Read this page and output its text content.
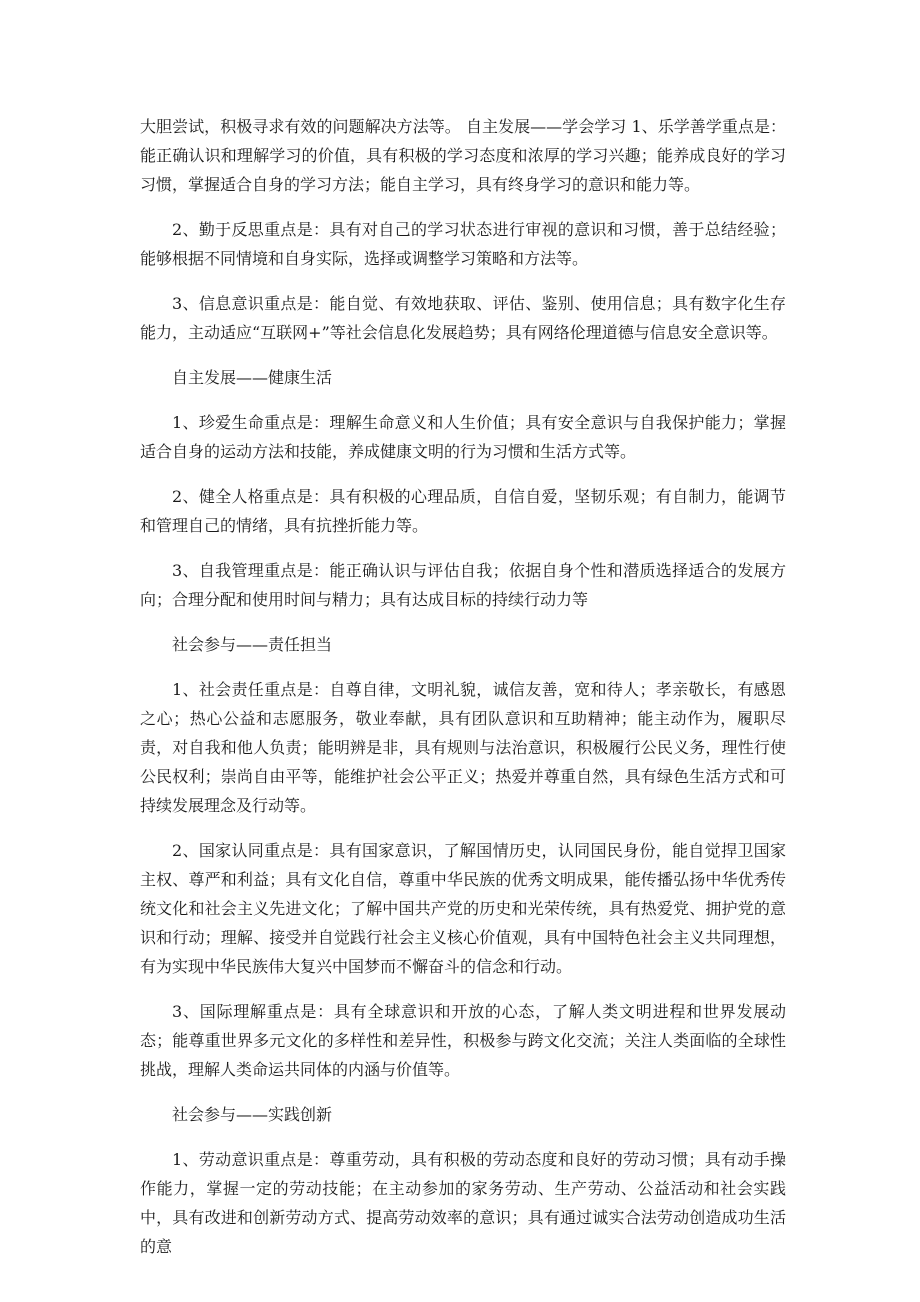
大胆尝试，积极寻求有效的问题解决方法等。 自主发展——学会学习 1、乐学善学重点是：能正确认识和理解学习的价值，具有积极的学习态度和浓厚的学习兴趣；能养成良好的学习习惯，掌握适合自身的学习方法；能自主学习，具有终身学习的意识和能力等。

2、勤于反思重点是：具有对自己的学习状态进行审视的意识和习惯，善于总结经验；能够根据不同情境和自身实际，选择或调整学习策略和方法等。

3、信息意识重点是：能自觉、有效地获取、评估、鉴别、使用信息；具有数字化生存能力，主动适应“互联网+”等社会信息化发展趋势；具有网络伦理道德与信息安全意识等。

自主发展——健康生活

1、珍爱生命重点是：理解生命意义和人生价值；具有安全意识与自我保护能力；掌握适合自身的运动方法和技能，养成健康文明的行为习惯和生活方式等。

2、健全人格重点是：具有积极的心理品质，自信自爱，坚韧乐观；有自制力，能调节和管理自己的情绪，具有抗挫折能力等。

3、自我管理重点是：能正确认识与评估自我；依据自身个性和潜质选择适合的发展方向；合理分配和使用时间与精力；具有达成目标的持续行动力等

社会参与——责任担当

1、社会责任重点是：自尊自律，文明礼貌，诚信友善，宽和待人；孝亲敬长，有感恩之心；热心公益和志愿服务，敬业奉献，具有团队意识和互助精神；能主动作为，履职尽责，对自我和他人负责；能明辨是非，具有规则与法治意识，积极履行公民义务，理性行使公民权利；崇尚自由平等，能维护社会公平正义；热爱并尊重自然，具有绿色生活方式和可持续发展理念及行动等。

2、国家认同重点是：具有国家意识，了解国情历史，认同国民身份，能自觉捍卫国家主权、尊严和利益；具有文化自信，尊重中华民族的优秀文明成果，能传播弘扬中华优秀传统文化和社会主义先进文化；了解中国共产党的历史和光荣传统，具有热爱党、拥护党的意识和行动；理解、接受并自觉践行社会主义核心价值观，具有中国特色社会主义共同理想，有为实现中华民族伟大复兴中国梦而不懈奋斗的信念和行动。

3、国际理解重点是：具有全球意识和开放的心态，了解人类文明进程和世界发展动态；能尊重世界多元文化的多样性和差异性，积极参与跨文化交流；关注人类面临的全球性挑战，理解人类命运共同体的内涵与价值等。

社会参与——实践创新

1、劳动意识重点是：尊重劳动，具有积极的劳动态度和良好的劳动习惯；具有动手操作能力，掌握一定的劳动技能；在主动参加的家务劳动、生产劳动、公益活动和社会实践中，具有改进和创新劳动方式、提高劳动效率的意识；具有通过诚实合法劳动创造成功生活的意
